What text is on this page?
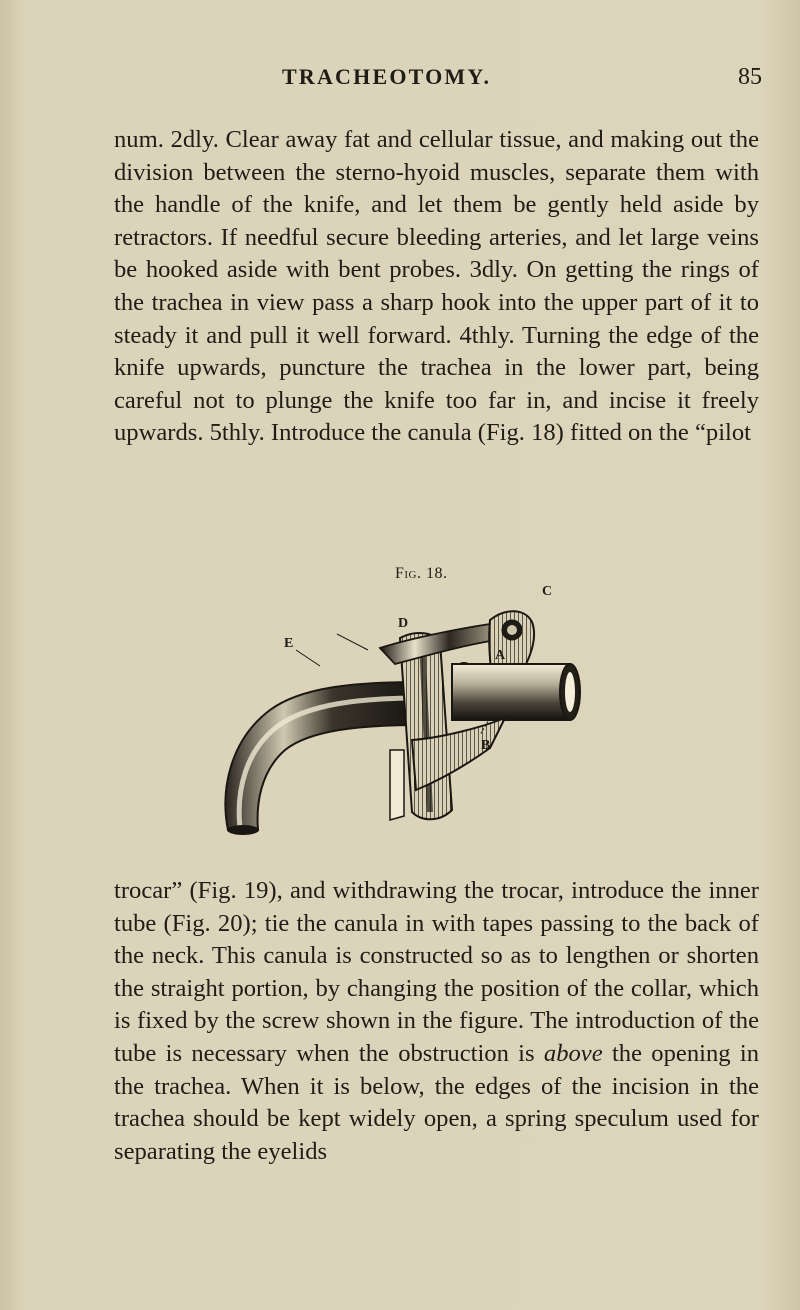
TRACHEOTOMY.	85

num. 2dly. Clear away fat and cellular tissue, and making out the division between the sterno-hyoid muscles, separate them with the handle of the knife, and let them be gently held aside by retractors. If needful secure bleeding arteries, and let large veins be hooked aside with bent probes. 3dly. On getting the rings of the trachea in view pass a sharp hook into the upper part of it to steady it and pull it well forward. 4thly. Turning the edge of the knife upwards, puncture the trachea in the lower part, being careful not to plunge the knife too far in, and incise it freely upwards. 5thly. Introduce the canula (Fig. 18) fitted on the “pilot

Fig. 18.
C
D
E
A
B

trocar” (Fig. 19), and withdrawing the trocar, introduce the inner tube (Fig. 20); tie the canula in with tapes passing to the back of the neck. This canula is constructed so as to lengthen or shorten the straight portion, by changing the position of the collar, which is fixed by the screw shown in the figure. The introduction of the tube is necessary when the obstruction is above the opening in the trachea. When it is below, the edges of the incision in the trachea should be kept widely open, a spring speculum used for separating the eyelids
